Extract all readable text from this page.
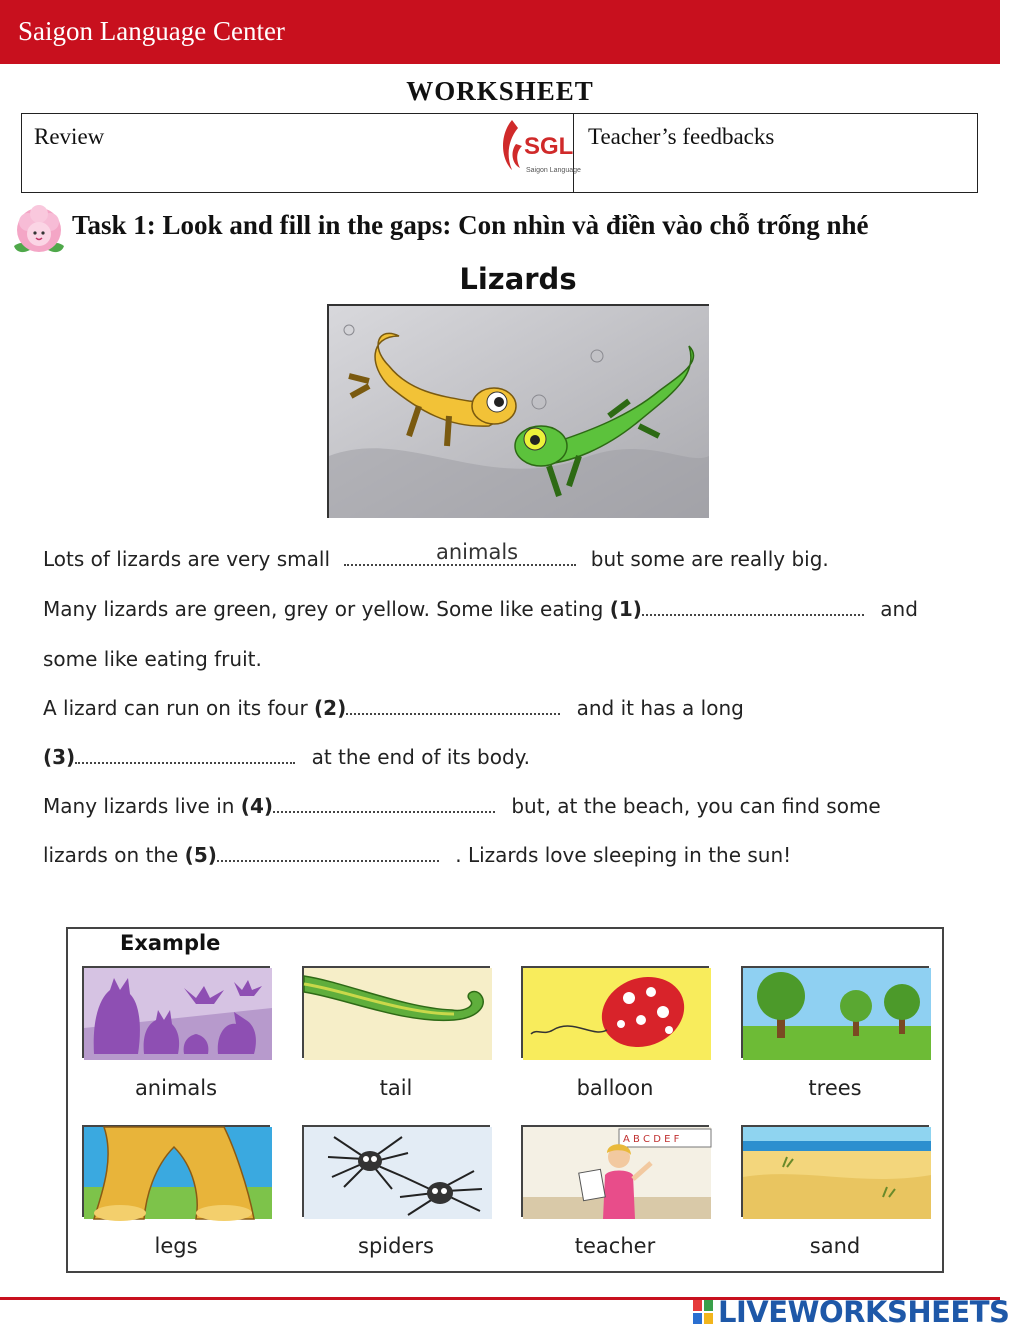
Saigon Language Center
WORKSHEET
Review	Teacher’s feedbacks
SGL
Saigon Language
Task 1: Look and fill in the gaps: Con nhìn và điền vào chỗ trống nhé
Lizards
Lots of lizards are very small	but some are really big.
animals
Many lizards are green, grey or yellow. Some like eating (1)	and
some like eating fruit.
A lizard can run on its four (2)	and it has a long
(3)	at the end of its body.
Many lizards live in (4)	but, at the beach, you can find some
lizards on the (5)	. Lizards love sleeping in the sun!
Example
animals	tail	balloon	trees
A B C D E F
legs	spiders	teacher	sand
LIVEWORKSHEETS
